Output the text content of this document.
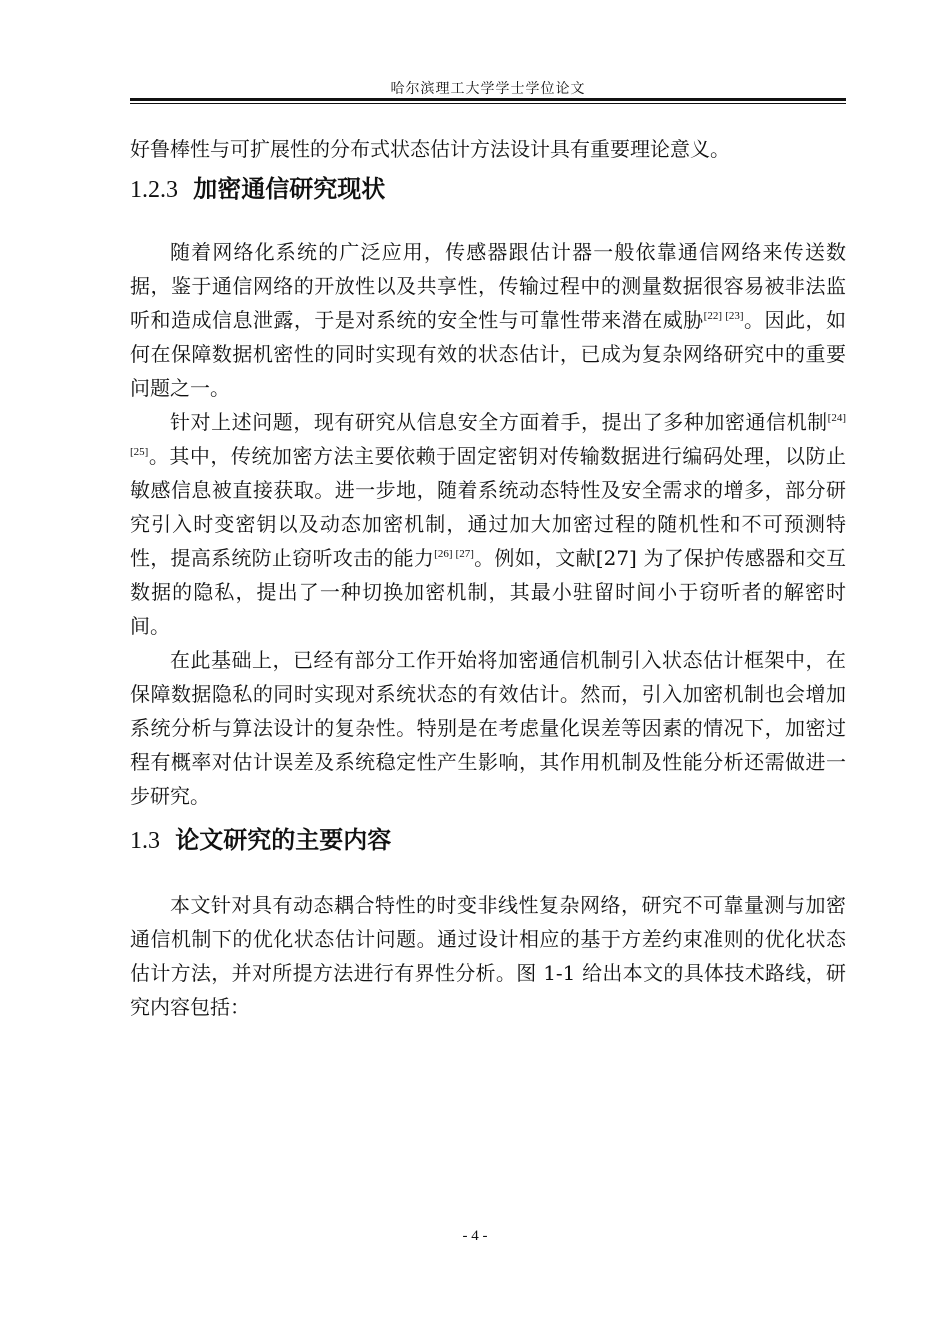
哈尔滨理工大学学士学位论文

好鲁棒性与可扩展性的分布式状态估计方法设计具有重要理论意义。

1.2.3 加密通信研究现状

随着网络化系统的广泛应用，传感器跟估计器一般依靠通信网络来传送数据，鉴于通信网络的开放性以及共享性，传输过程中的测量数据很容易被非法监听和造成信息泄露，于是对系统的安全性与可靠性带来潜在威胁[22] [23]。因此，如何在保障数据机密性的同时实现有效的状态估计，已成为复杂网络研究中的重要问题之一。

针对上述问题，现有研究从信息安全方面着手，提出了多种加密通信机制[24] [25]。其中，传统加密方法主要依赖于固定密钥对传输数据进行编码处理，以防止敏感信息被直接获取。进一步地，随着系统动态特性及安全需求的增多，部分研究引入时变密钥以及动态加密机制，通过加大加密过程的随机性和不可预测特性，提高系统防止窃听攻击的能力[26] [27]。例如，文献[27] 为了保护传感器和交互数据的隐私，提出了一种切换加密机制，其最小驻留时间小于窃听者的解密时间。

在此基础上，已经有部分工作开始将加密通信机制引入状态估计框架中，在保障数据隐私的同时实现对系统状态的有效估计。然而，引入加密机制也会增加系统分析与算法设计的复杂性。特别是在考虑量化误差等因素的情况下，加密过程有概率对估计误差及系统稳定性产生影响，其作用机制及性能分析还需做进一步研究。

1.3 论文研究的主要内容

本文针对具有动态耦合特性的时变非线性复杂网络，研究不可靠量测与加密通信机制下的优化状态估计问题。通过设计相应的基于方差约束准则的优化状态估计方法，并对所提方法进行有界性分析。图 1-1 给出本文的具体技术路线，研究内容包括：

- 4 -
